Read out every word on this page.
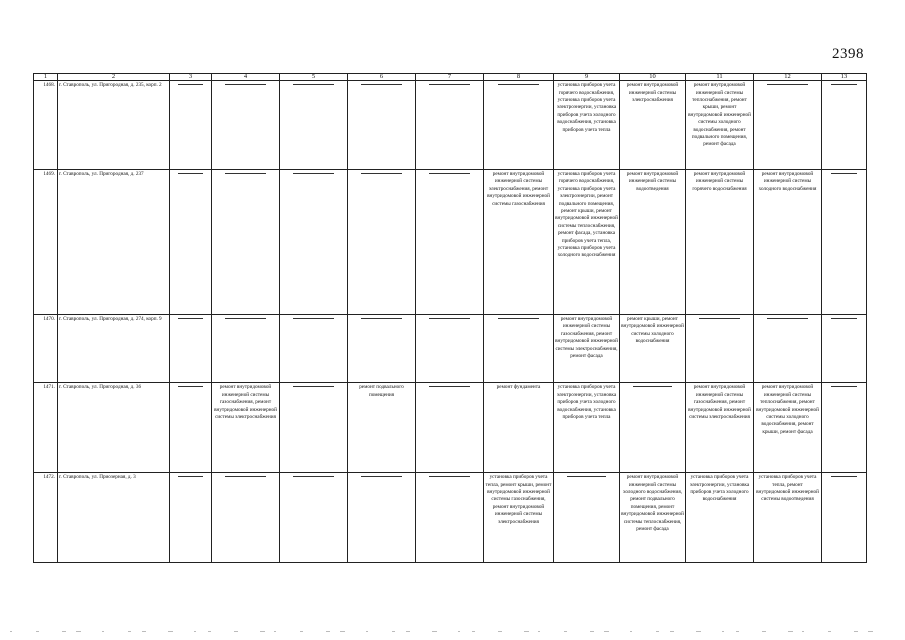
2398
1	2	3	4	5	6	7	8	9	10	11	12	13
1468.	г. Ставрополь, ул. Пригородная, д. 235, корп. 2							установка приборов учета горячего водоснабжения, установка приборов учета электроэнергии, установка приборов учета холодного водоснабжения, установка приборов учета тепла	ремонт внутридомовой инженерной системы электроснабжения	ремонт внутридомовой инженерной системы теплоснабжения, ремонт крыши, ремонт внутридомовой инженерной системы холодного водоснабжения, ремонт подвального помещения, ремонт фасада	

1469.	г. Ставрополь, ул. Пригородная, д. 237						ремонт внутридомовой инженерной системы электроснабжения, ремонт внутридомовой инженерной системы газоснабжения	установка приборов учета горячего водоснабжения, установка приборов учета электроэнергии, ремонт подвального помещения, ремонт крыши, ремонт внутридомовой инженерной системы теплоснабжения, ремонт фасада, установка приборов учета тепла, установка приборов учета холодного водоснабжения	ремонт внутридомовой инженерной системы водоотведения	ремонт внутридомовой инженерной системы горячего водоснабжения	ремонт внутридомовой инженерной системы холодного водоснабжения	

1470.	г. Ставрополь, ул. Пригородная, д. 274, корп. 9							ремонт внутридомовой инженерной системы газоснабжения, ремонт внутридомовой инженерной системы электроснабжения, ремонт фасада	ремонт крыши, ремонт внутридомовой инженерной системы холодного водоснабжения	

1471.	г. Ставрополь, ул. Пригородная, д. 36		ремонт внутридомовой инженерной системы газоснабжения, ремонт внутридомовой инженерной системы электроснабжения		ремонт подвального помещения		ремонт фундамента	установка приборов учета электроэнергии, установка приборов учета холодного водоснабжения, установка приборов учета тепла		ремонт внутридомовой инженерной системы газоснабжения, ремонт внутридомовой инженерной системы электроснабжения	ремонт внутридомовой инженерной системы теплоснабжения, ремонт внутридомовой инженерной системы холодного водоснабжения, ремонт крыши, ремонт фасада	

1472.	г. Ставрополь, ул. Приозерная, д. 3						установка приборов учета тепла, ремонт крыши, ремонт внутридомовой инженерной системы газоснабжения, ремонт внутридомовой инженерной системы электроснабжения		ремонт внутридомовой инженерной системы холодного водоснабжения, ремонт подвального помещения, ремонт внутридомовой инженерной системы теплоснабжения, ремонт фасада	установка приборов учета электроэнергии, установка приборов учета холодного водоснабжения	установка приборов учета тепла, ремонт внутридомовой инженерной системы водоотведения	
